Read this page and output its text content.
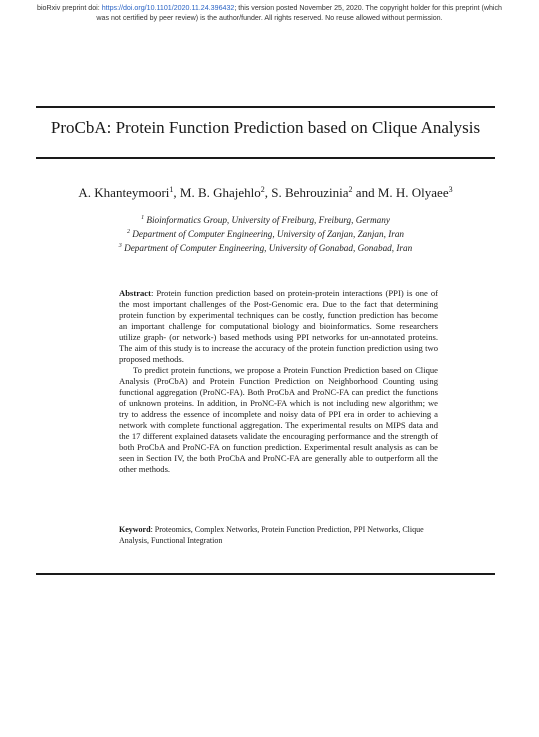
bioRxiv preprint doi: https://doi.org/10.1101/2020.11.24.396432; this version posted November 25, 2020. The copyright holder for this preprint (which was not certified by peer review) is the author/funder. All rights reserved. No reuse allowed without permission.
ProCbA: Protein Function Prediction based on Clique Analysis
A. Khanteymoori$^1$, M. B. Ghajehlo$^2$, S. Behrouzinia$^2$ and M. H. Olyaee$^3$
$^1$ Bioinformatics Group, University of Freiburg, Freiburg, Germany
$^2$ Department of Computer Engineering, University of Zanjan, Zanjan, Iran
$^3$ Department of Computer Engineering, University of Gonabad, Gonabad, Iran

Abstract: Protein function prediction based on protein-protein interactions (PPI) is one of the most important challenges of the Post-Genomic era. Due to the fact that determining protein function by experimental techniques can be costly, function prediction has become an important challenge for computational biology and bioinformatics. Some researchers utilize graph- (or network-) based methods using PPI networks for un-annotated proteins. The aim of this study is to increase the accuracy of the protein function prediction using two proposed methods.

To predict protein functions, we propose a Protein Function Prediction based on Clique Analysis (ProCbA) and Protein Function Prediction on Neighborhood Counting using functional aggregation (ProNC-FA). Both ProCbA and ProNC-FA can predict the functions of unknown proteins. In addition, in ProNC-FA which is not including new algorithm; we try to address the essence of incomplete and noisy data of PPI era in order to achieving a network with complete functional aggregation. The experimental results on MIPS data and the 17 different explained datasets validate the encouraging performance and the strength of both ProCbA and ProNC-FA on function prediction. Experimental result analysis as can be seen in Section IV, the both ProCbA and ProNC-FA are generally able to outperform all the other methods.

Keyword: Proteomics, Complex Networks, Protein Function Prediction, PPI Networks, Clique Analysis, Functional Integration
